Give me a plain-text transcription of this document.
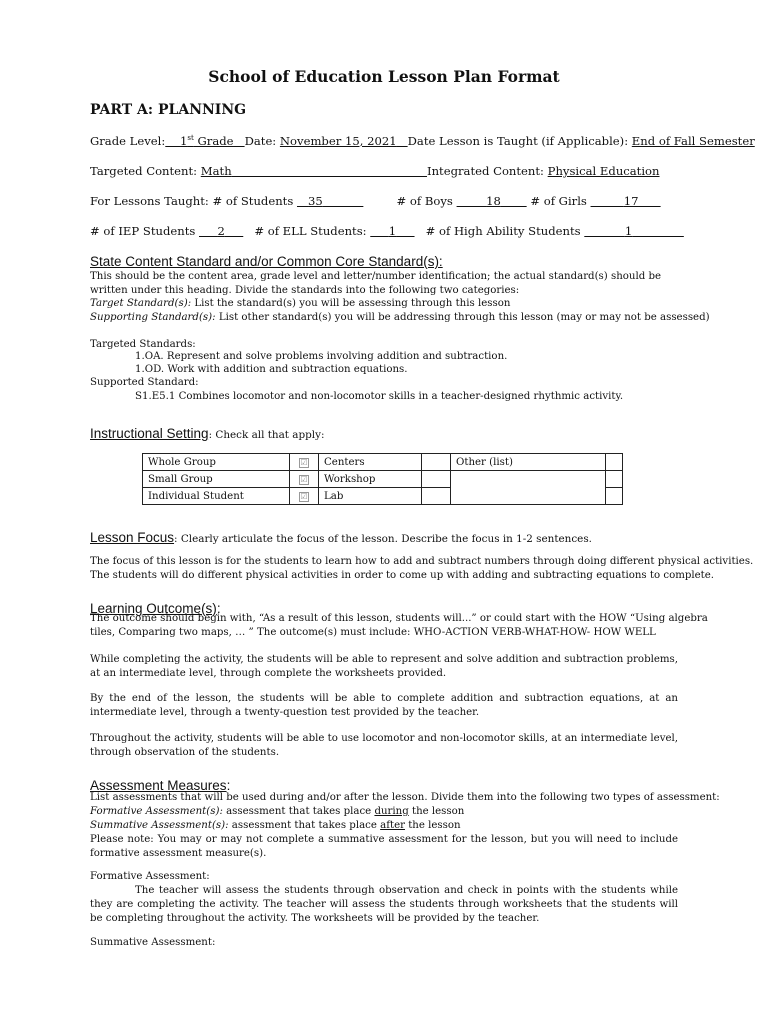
School of Education Lesson Plan Format
PART A: PLANNING
Grade Level: 1st Grade Date: November 15, 2021 Date Lesson is Taught (if Applicable): End of Fall Semester
Targeted Content: Math	Integrated Content: Physical Education
For Lessons Taught: # of Students 35	# of Boys	18	# of Girls	17
# of IEP Students 2	# of ELL Students: 1	# of High Ability Students	1
State Content Standard and/or Common Core Standard(s):
This should be the content area, grade level and letter/number identification; the actual standard(s) should be written under this heading. Divide the standards into the following two categories:
Target Standard(s): List the standard(s) you will be assessing through this lesson
Supporting Standard(s): List other standard(s) you will be addressing through this lesson (may or may not be assessed)
Targeted Standards:
1.OA. Represent and solve problems involving addition and subtraction.
1.OD. Work with addition and subtraction equations.
Supported Standard:
S1.E5.1 Combines locomotor and non-locomotor skills in a teacher-designed rhythmic activity.
Instructional Setting: Check all that apply:
Whole Group	☑	Centers		Other (list)	
Small Group	☑	Workshop			
Individual Student	☑	Lab			
Lesson Focus: Clearly articulate the focus of the lesson. Describe the focus in 1-2 sentences.
The focus of this lesson is for the students to learn how to add and subtract numbers through doing different physical activities.
The students will do different physical activities in order to come up with adding and subtracting equations to complete.
Learning Outcome(s):
The outcome should begin with, “As a result of this lesson, students will...” or could start with the HOW “Using algebra
tiles, Comparing two maps, … ” The outcome(s) must include: WHO-ACTION VERB-WHAT-HOW- HOW WELL
While completing the activity, the students will be able to represent and solve addition and subtraction problems, at an intermediate level, through complete the worksheets provided.
By the end of the lesson, the students will be able to complete addition and subtraction equations, at an intermediate level, through a twenty-question test provided by the teacher.
Throughout the activity, students will be able to use locomotor and non-locomotor skills, at an intermediate level, through observation of the students.
Assessment Measures:
List assessments that will be used during and/or after the lesson. Divide them into the following two types of assessment:
Formative Assessment(s): assessment that takes place during the lesson
Summative Assessment(s): assessment that takes place after the lesson
Please note: You may or may not complete a summative assessment for the lesson, but you will need to include formative assessment measure(s).
Formative Assessment:
The teacher will assess the students through observation and check in points with the students while they are completing the activity. The teacher will assess the students through worksheets that the students will be completing throughout the activity. The worksheets will be provided by the teacher.
Summative Assessment:
